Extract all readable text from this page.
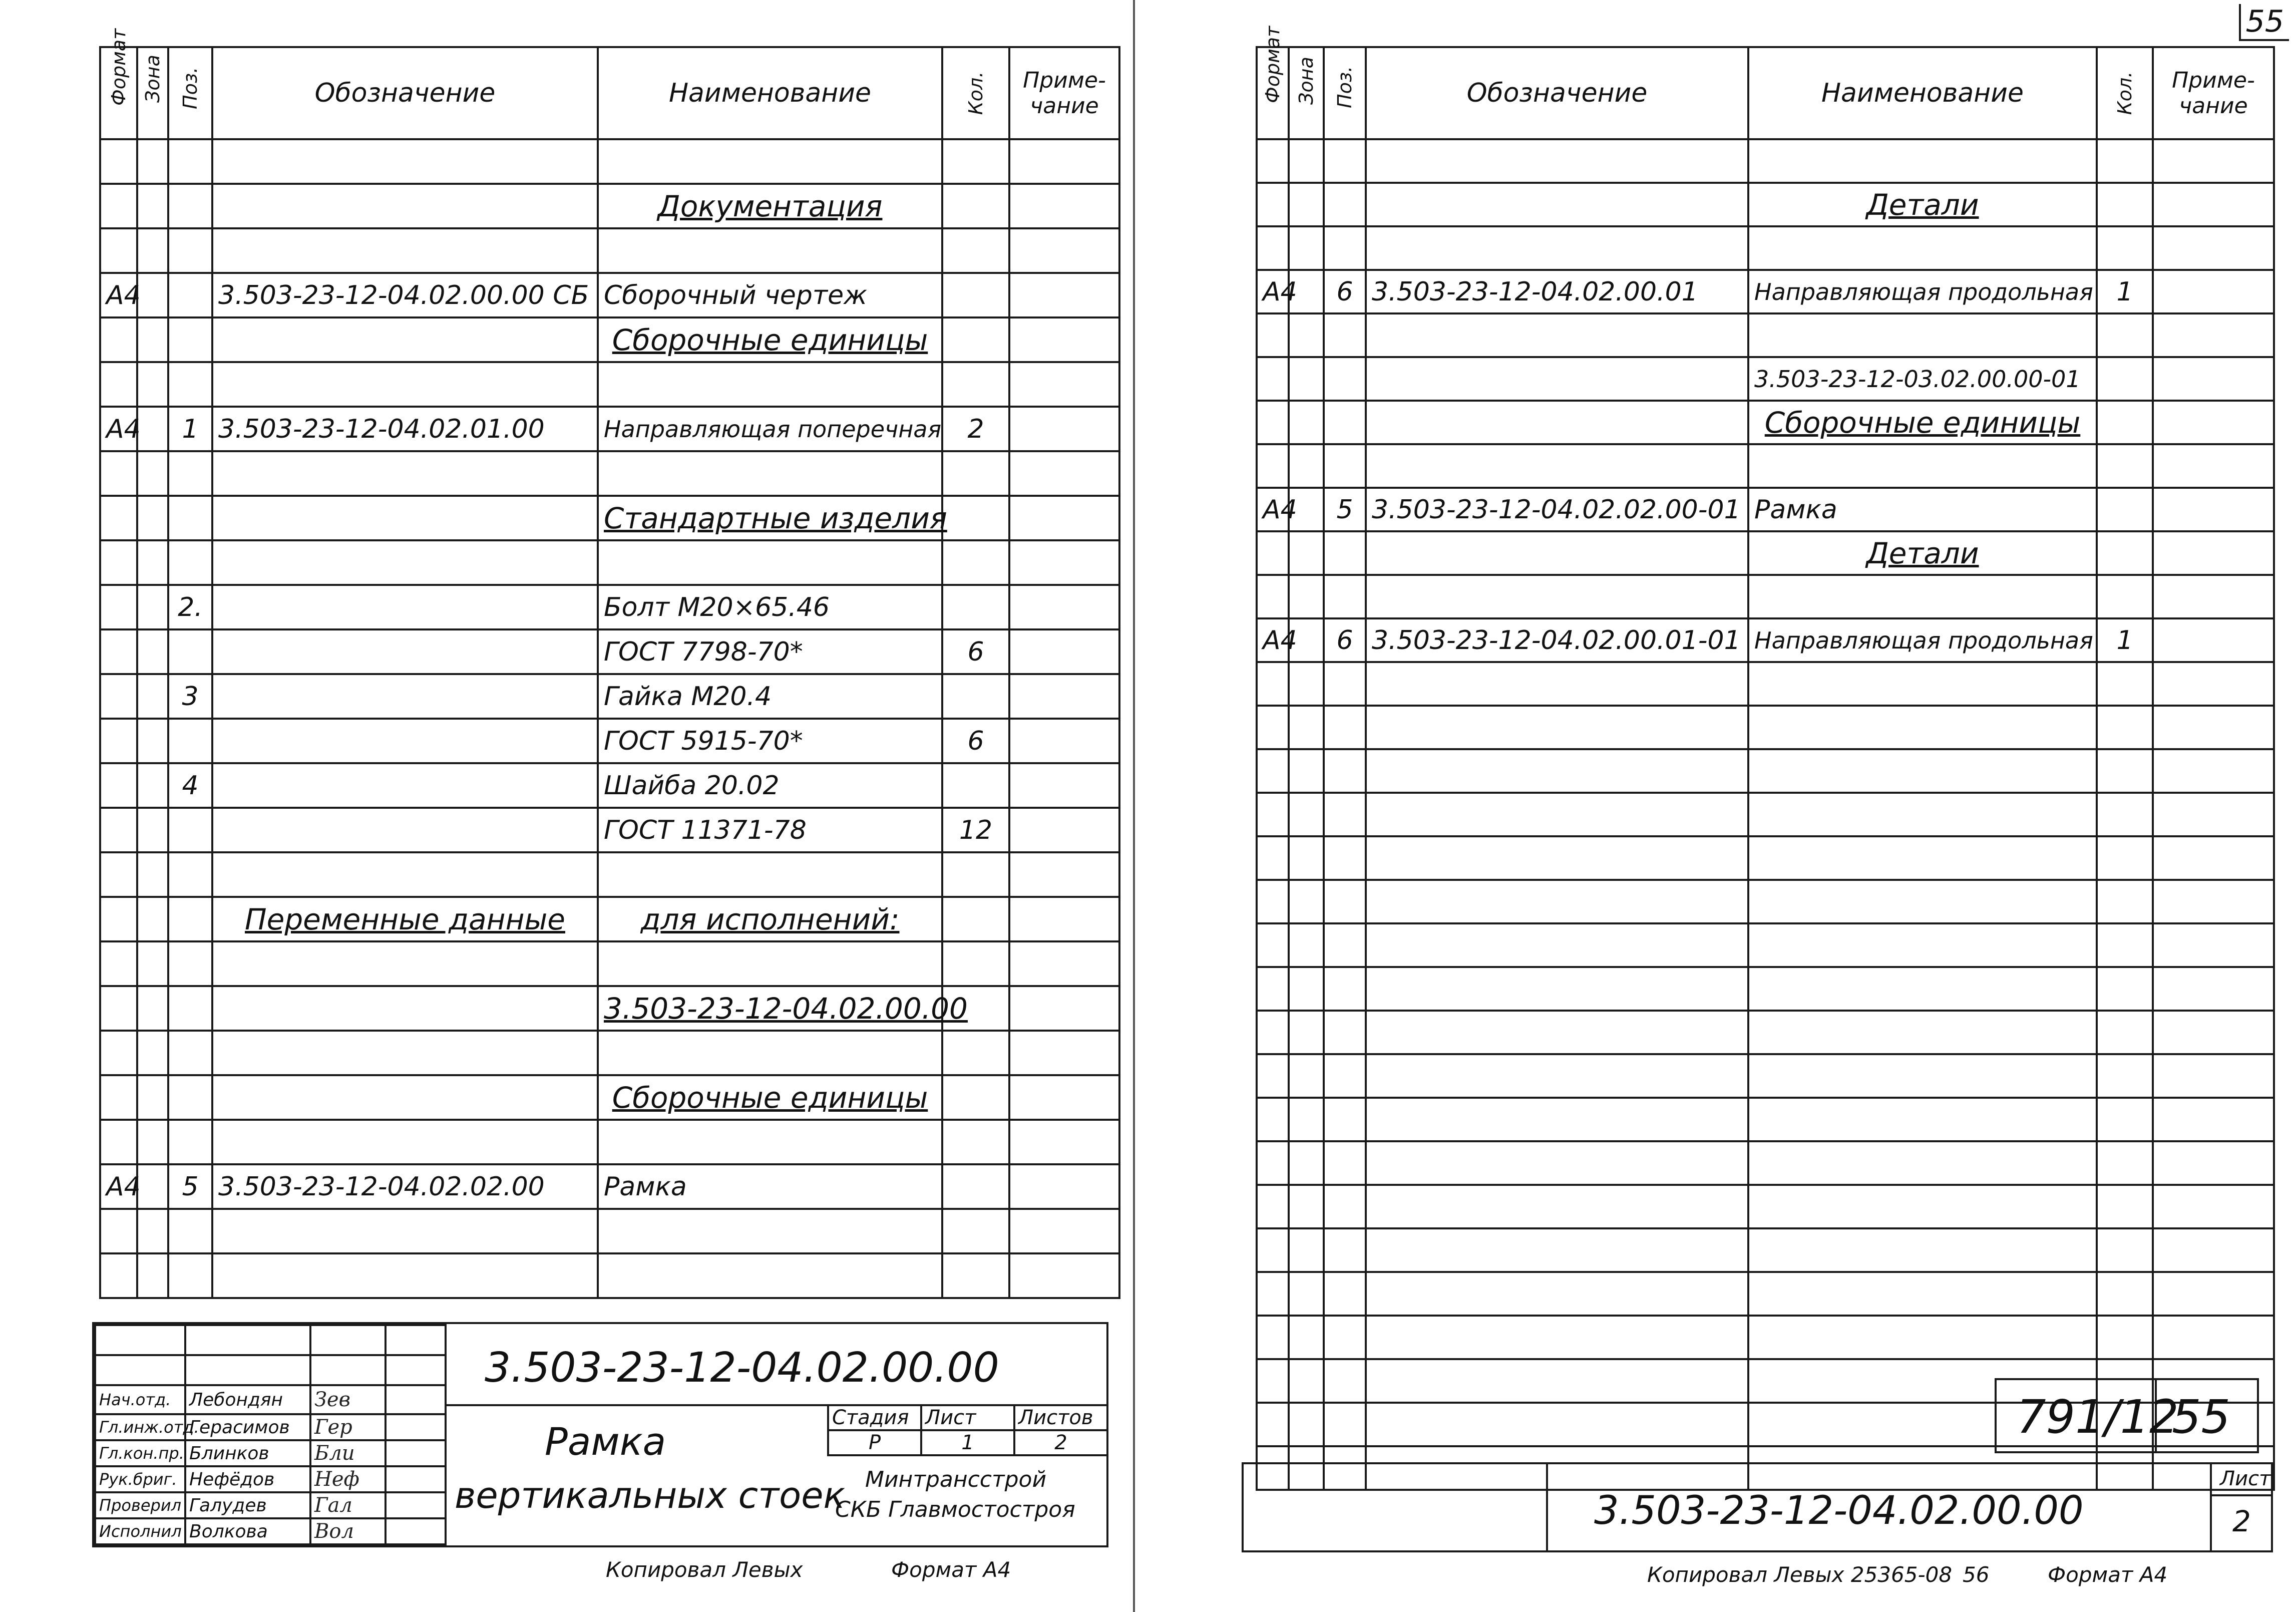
55
Формат	Зона	Поз.	Обозначение	Наименование	Кол.	Приме-чание

				Документация		

А4			3.503-23-12-04.02.00.00 СБ	Сборочный чертеж		
				Сборочные единицы		

А4		1	3.503-23-12-04.02.01.00	Направляющая поперечная	2	

				Стандартные изделия		

		2.		Болт М20×65.46		
				ГОСТ 7798-70*	6	
		3		Гайка М20.4		
				ГОСТ 5915-70*	6	
		4		Шайба 20.02		
				ГОСТ 11371-78	12	

			Переменные данные	для исполнений:		

				3.503-23-12-04.02.00.00		

				Сборочные единицы		

А4		5	3.503-23-12-04.02.02.00	Рамка		

Нач.отд.	Лебондян	Зев	
Гл.инж.отд.	Герасимов	Гер	
Гл.кон.пр.	Блинков	Бли	
Рук.бриг.	Нефёдов	Неф	
Проверил	Галудев	Гал	
Исполнил	Волкова	Вол	
3.503-23-12-04.02.00.00
Рамка
вертикальных стоек
Стадия	Лист	Листов
Р	1	2
Минтрансстрой
СКБ Главмостостроя
Копировал Левых	Формат А4
Формат	Зона	Поз.	Обозначение	Наименование	Кол.	Приме-чание

				Детали		

А4		6	3.503-23-12-04.02.00.01	Направляющая продольная	1	

				3.503-23-12-03.02.00.00-01		
				Сборочные единицы		

А4		5	3.503-23-12-04.02.02.00-01	Рамка		
				Детали		

А4		6	3.503-23-12-04.02.00.01-01	Направляющая продольная	1	

3.503-23-12-04.02.00.00
Лист
2
791/12
55
Копировал Левых 25365-08 56	Формат А4
